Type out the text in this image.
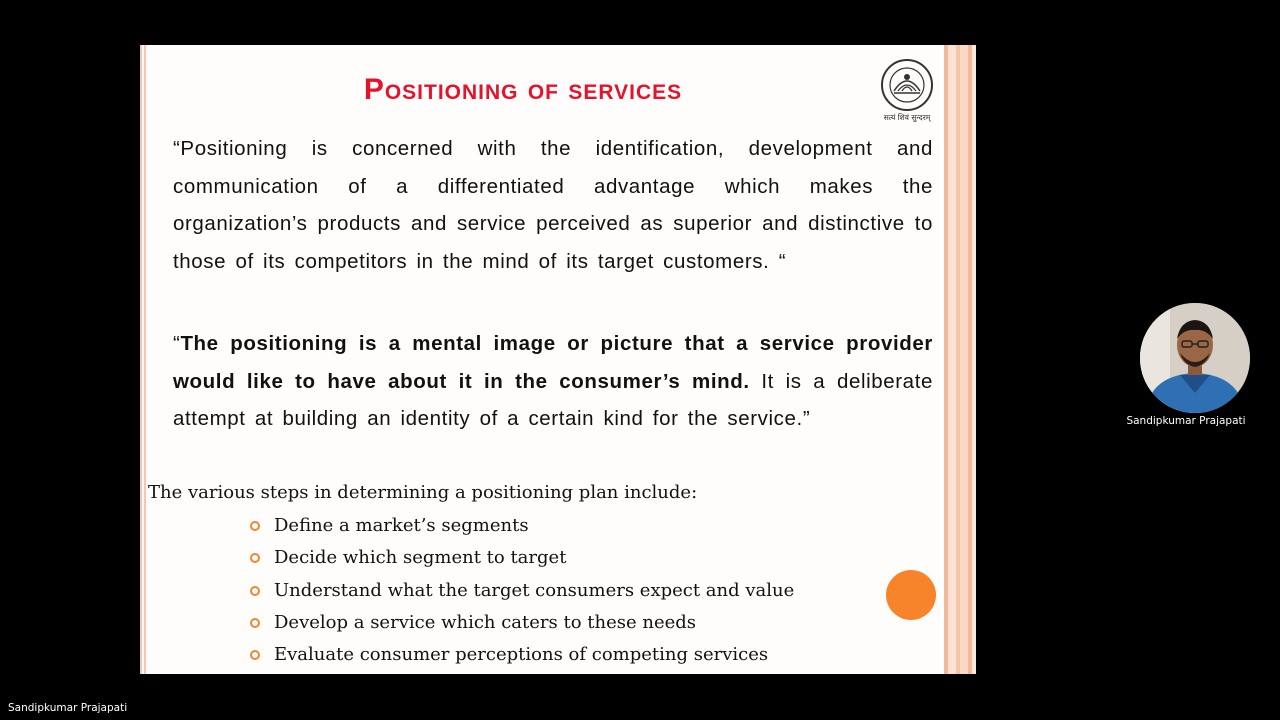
Positioning of services
सत्यं शिवं सुन्दरम्
“Positioning is concerned with the identification, development and communication of a differentiated advantage which makes the organization’s products and service perceived as superior and distinctive to those of its competitors in the mind of its target customers. “
“The positioning is a mental image or picture that a service provider would like to have about it in the consumer’s mind. It is a deliberate attempt at building an identity of a certain kind for the service.”
The various steps in determining a positioning plan include:
Define a market’s segments
Decide which segment to target
Understand what the target consumers expect and value
Develop a service which caters to these needs
Evaluate consumer perceptions of competing services
Sandipkumar Prajapati
Sandipkumar Prajapati
